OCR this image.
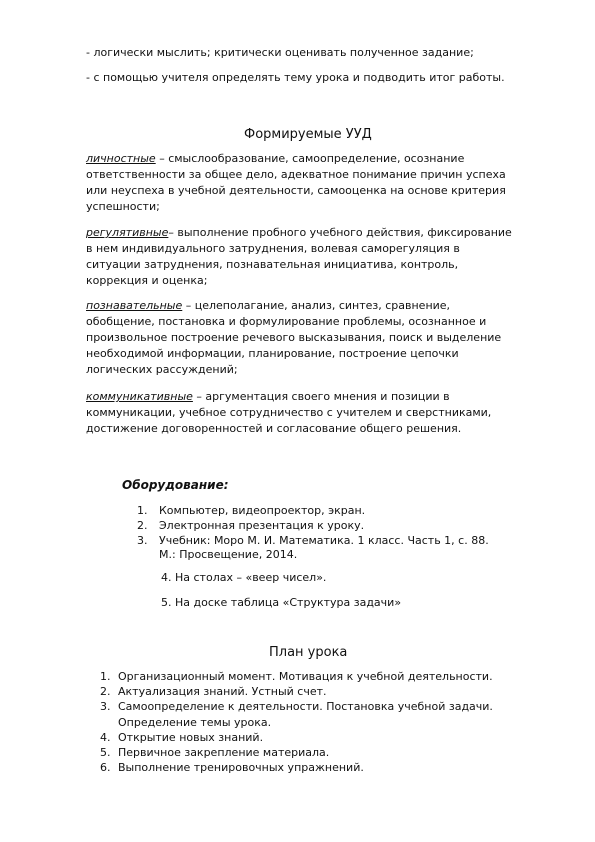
- логически мыслить; критически оценивать полученное задание;
- с помощью учителя определять тему урока и подводить итог работы.
Формируемые УУД
личностные – смыслообразование, самоопределение, осознание
ответственности за общее дело, адекватное понимание причин успеха
или неуспеха в учебной деятельности, самооценка на основе критерия
успешности;
регулятивные– выполнение пробного учебного действия, фиксирование
в нем индивидуального затруднения, волевая саморегуляция в
ситуации затруднения, познавательная инициатива, контроль,
коррекция и оценка;
познавательные – целеполагание, анализ, синтез, сравнение,
обобщение, постановка и формулирование проблемы, осознанное и
произвольное построение речевого высказывания, поиск и выделение
необходимой информации, планирование, построение цепочки
логических рассуждений;
коммуникативные – аргументация своего мнения и позиции в
коммуникации, учебное сотрудничество с учителем и сверстниками,
достижение договоренностей и согласование общего решения.
Оборудование:
1. Компьютер, видеопроектор, экран.
2. Электронная презентация к уроку.
3. Учебник: Моро М. И. Математика. 1 класс. Часть 1, с. 88.
М.: Просвещение, 2014.
4. На столах – «веер чисел».
5. На доске таблица «Структура задачи»
План урока
1. Организационный момент. Мотивация к учебной деятельности.
2. Актуализация знаний. Устный счет.
3. Самоопределение к деятельности. Постановка учебной задачи.
Определение темы урока.
4. Открытие новых знаний.
5. Первичное закрепление материала.
6. Выполнение тренировочных упражнений.
